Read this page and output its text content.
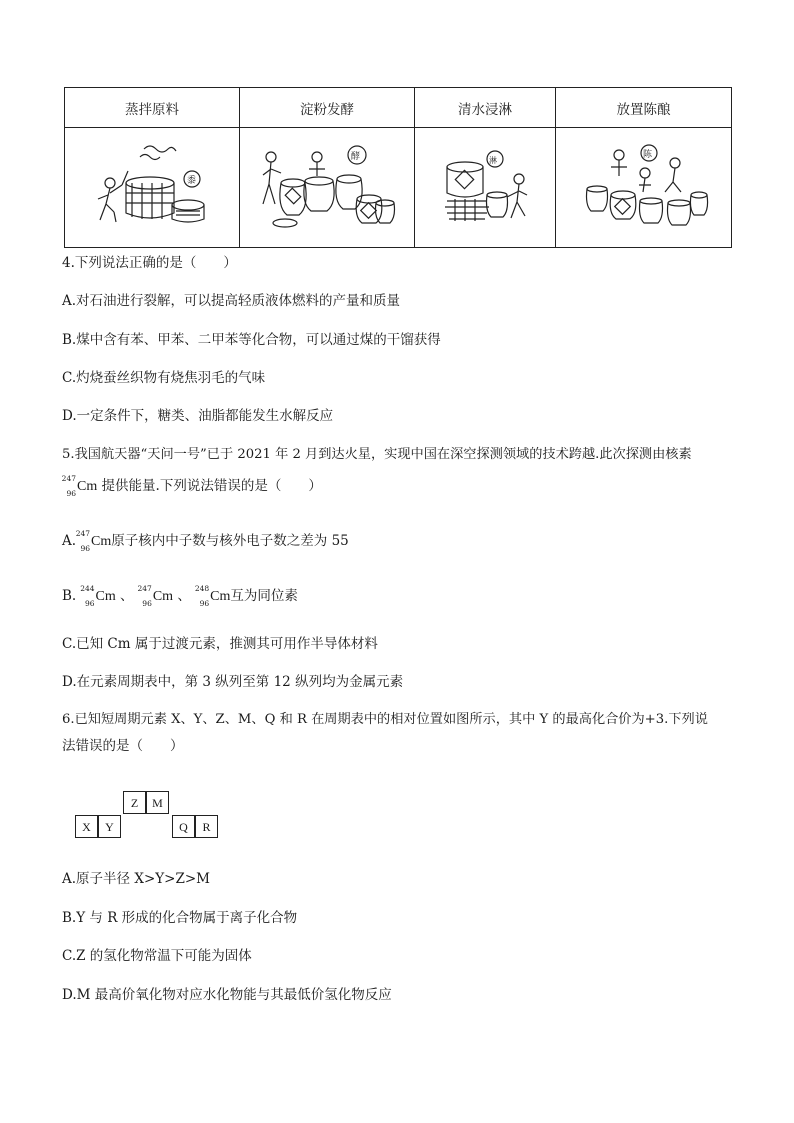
蒸拌原料	淀粉发酵	清水浸淋	放置陈酿

黍	酵	淋	陈
4.下列说法正确的是（　　）
A.对石油进行裂解，可以提高轻质液体燃料的产量和质量
B.煤中含有苯、甲苯、二甲苯等化合物，可以通过煤的干馏获得
C.灼烧蚕丝织物有烧焦羽毛的气味
D.一定条件下，糖类、油脂都能发生水解反应
5.我国航天器“天问一号”已于 2021 年 2 月到达火星，实现中国在深空探测领域的技术跨越.此次探测由核素
247
96 Cm 提供能量.下列说法错误的是（　　）
A. 247
96 Cm原子核内中子数与核外电子数之差为 55
B. 244
96 Cm 、 247
96 Cm 、 248
96 Cm互为同位素
C.已知 Cm 属于过渡元素，推测其可用作半导体材料
D.在元素周期表中，第 3 纵列至第 12 纵列均为金属元素
6.已知短周期元素 X、Y、Z、M、Q 和 R 在周期表中的相对位置如图所示，其中 Y 的最高化合价为+3.下列说
法错误的是（　　）
Z	M
X	Y	Q	R
A.原子半径 X>Y>Z>M
B.Y 与 R 形成的化合物属于离子化合物
C.Z 的氢化物常温下可能为固体
D.M 最高价氧化物对应水化物能与其最低价氢化物反应
